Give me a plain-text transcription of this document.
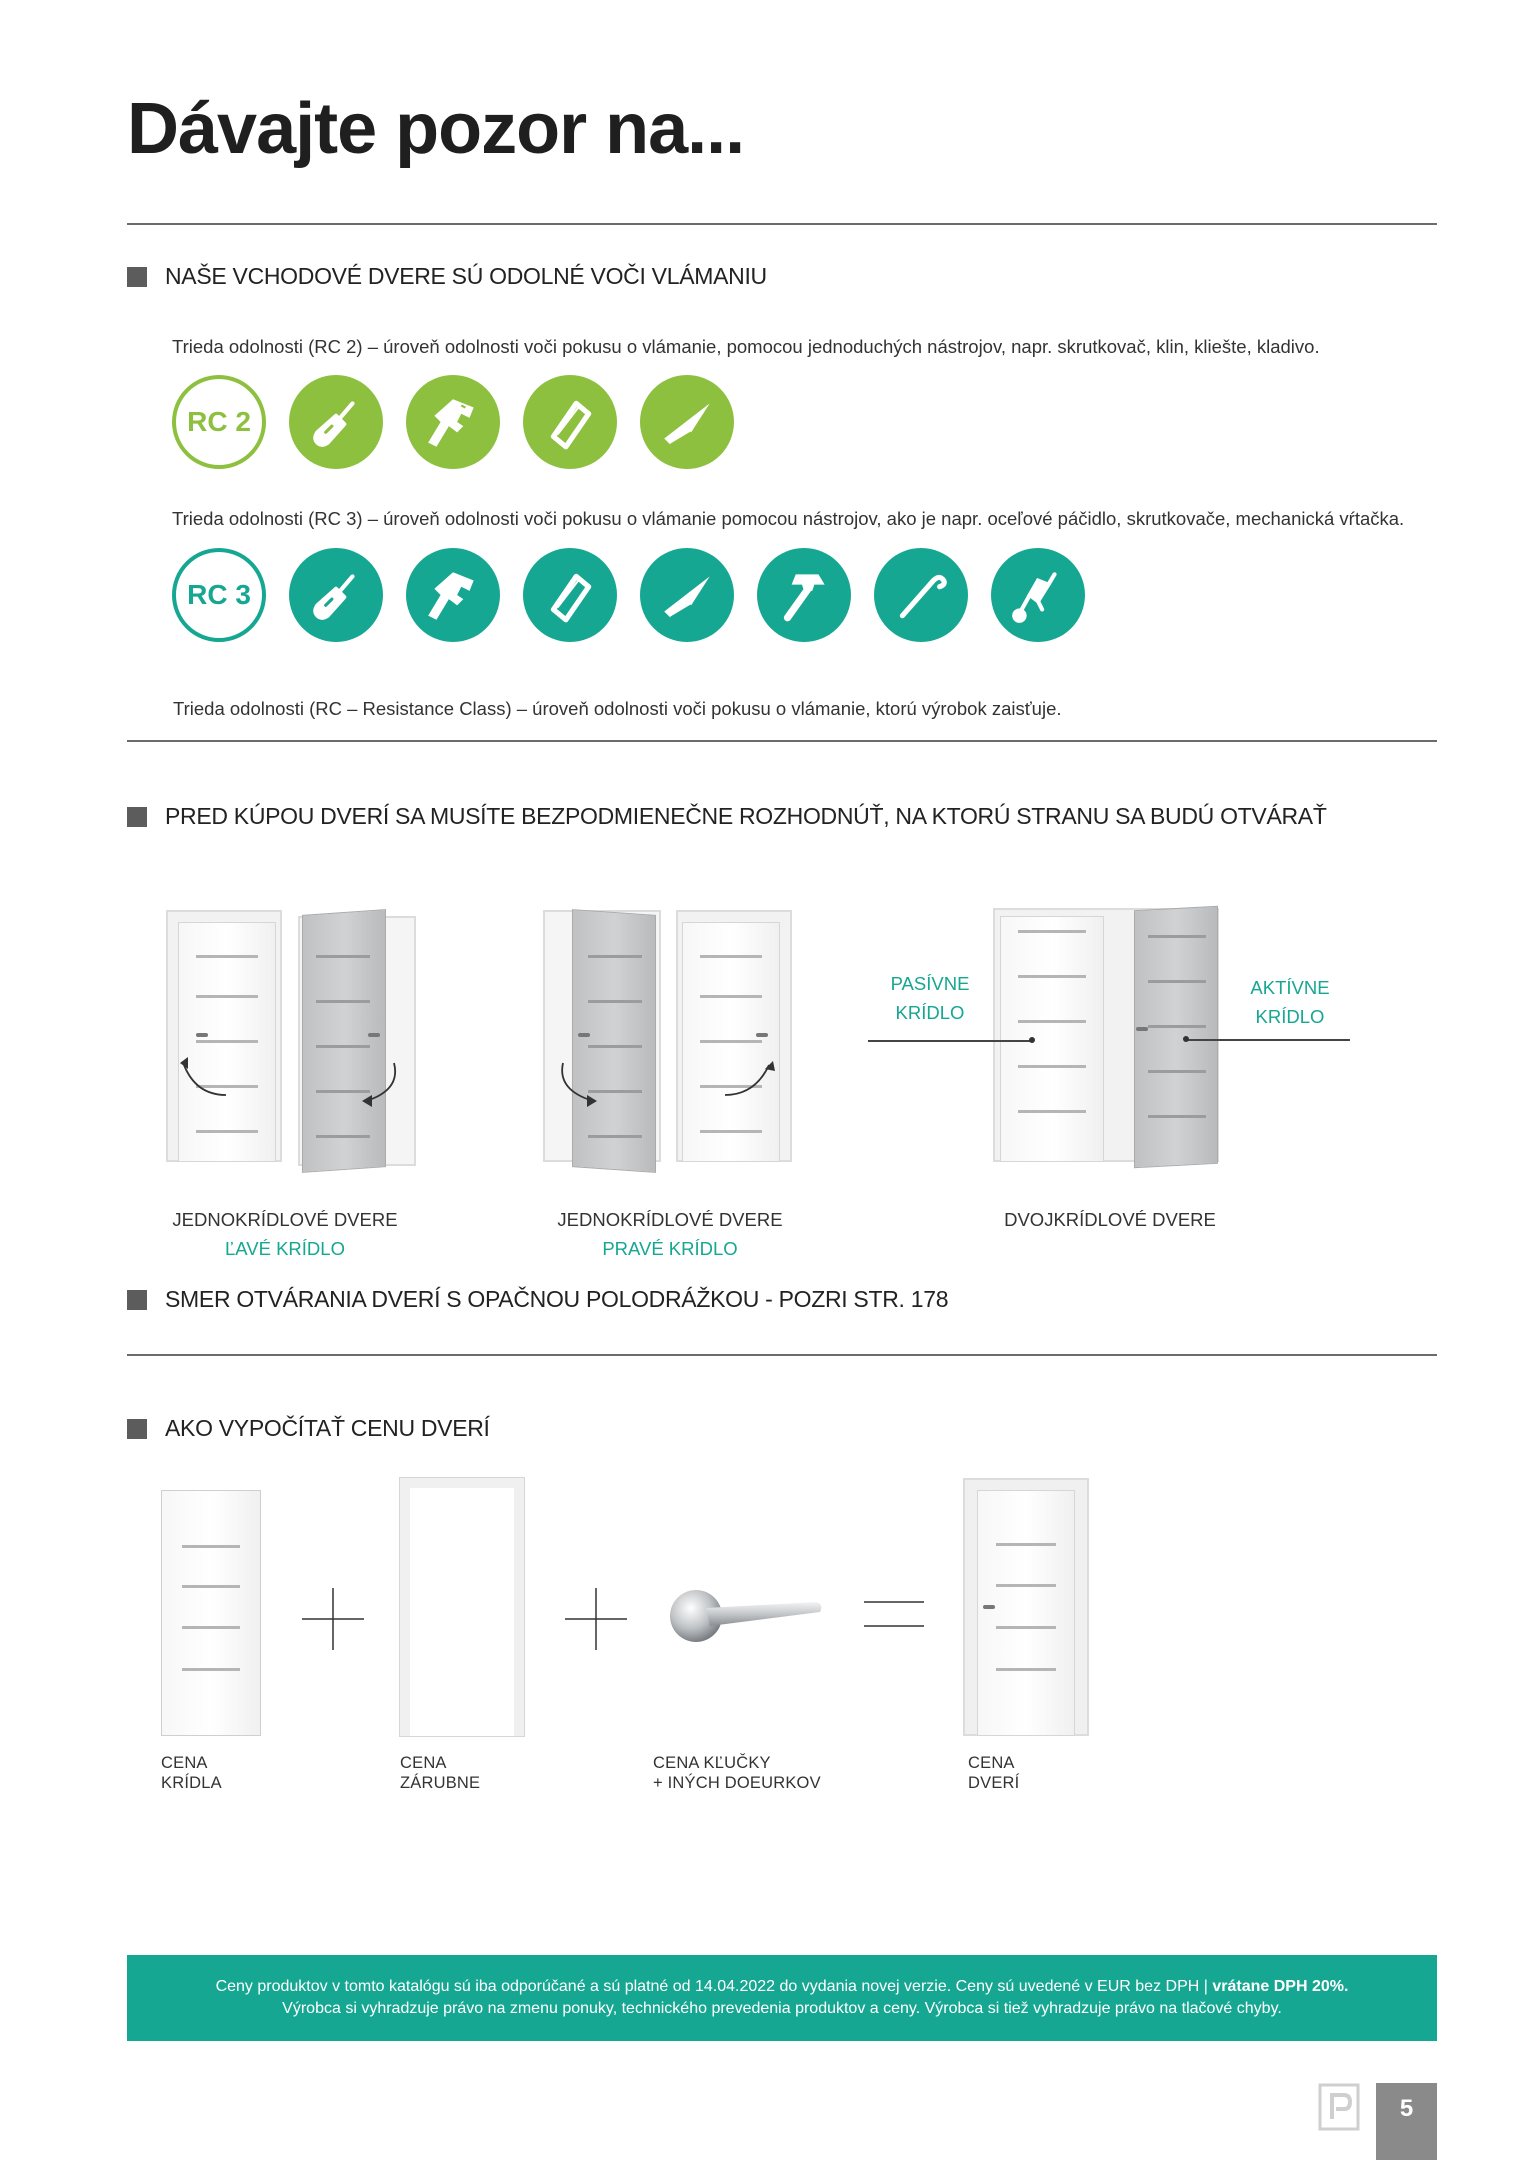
Dávajte pozor na...
NAŠE VCHODOVÉ DVERE SÚ ODOLNÉ VOČI VLÁMANIU
Trieda odolnosti (RC 2) – úroveň odolnosti voči pokusu o vlámanie, pomocou jednoduchých nástrojov, napr. skrutkovač, klin, kliešte, kladivo.
RC 2
Trieda odolnosti (RC 3) – úroveň odolnosti voči pokusu o vlámanie pomocou nástrojov, ako je napr. oceľové páčidlo, skrutkovače, mechanická vŕtačka.
RC 3
Trieda odolnosti (RC – Resistance Class) – úroveň odolnosti voči pokusu o vlámanie, ktorú výrobok zaisťuje.
PRED KÚPOU DVERÍ SA MUSÍTE BEZPODMIENEČNE ROZHODNÚŤ, NA KTORÚ STRANU SA BUDÚ OTVÁRAŤ
PASÍVNE
KRÍDLO
AKTÍVNE
KRÍDLO
JEDNOKRÍDLOVÉ DVERE
ĽAVÉ KRÍDLO
JEDNOKRÍDLOVÉ DVERE
PRAVÉ KRÍDLO
DVOJKRÍDLOVÉ DVERE
SMER OTVÁRANIA DVERÍ S OPAČNOU POLODRÁŽKOU - POZRI STR. 178
AKO VYPOČÍTAŤ CENU DVERÍ
CENA
KRÍDLA
CENA
ZÁRUBNE
CENA KĽUČKY
+ INÝCH DOEURKOV
CENA
DVERÍ
Ceny produktov v tomto katalógu sú iba odporúčané a sú platné od 14.04.2022 do vydania novej verzie. Ceny sú uvedené v EUR bez DPH | vrátane DPH 20%.
Výrobca si vyhradzuje právo na zmenu ponuky, technického prevedenia produktov a ceny. Výrobca si tiež vyhradzuje právo na tlačové chyby.
5
